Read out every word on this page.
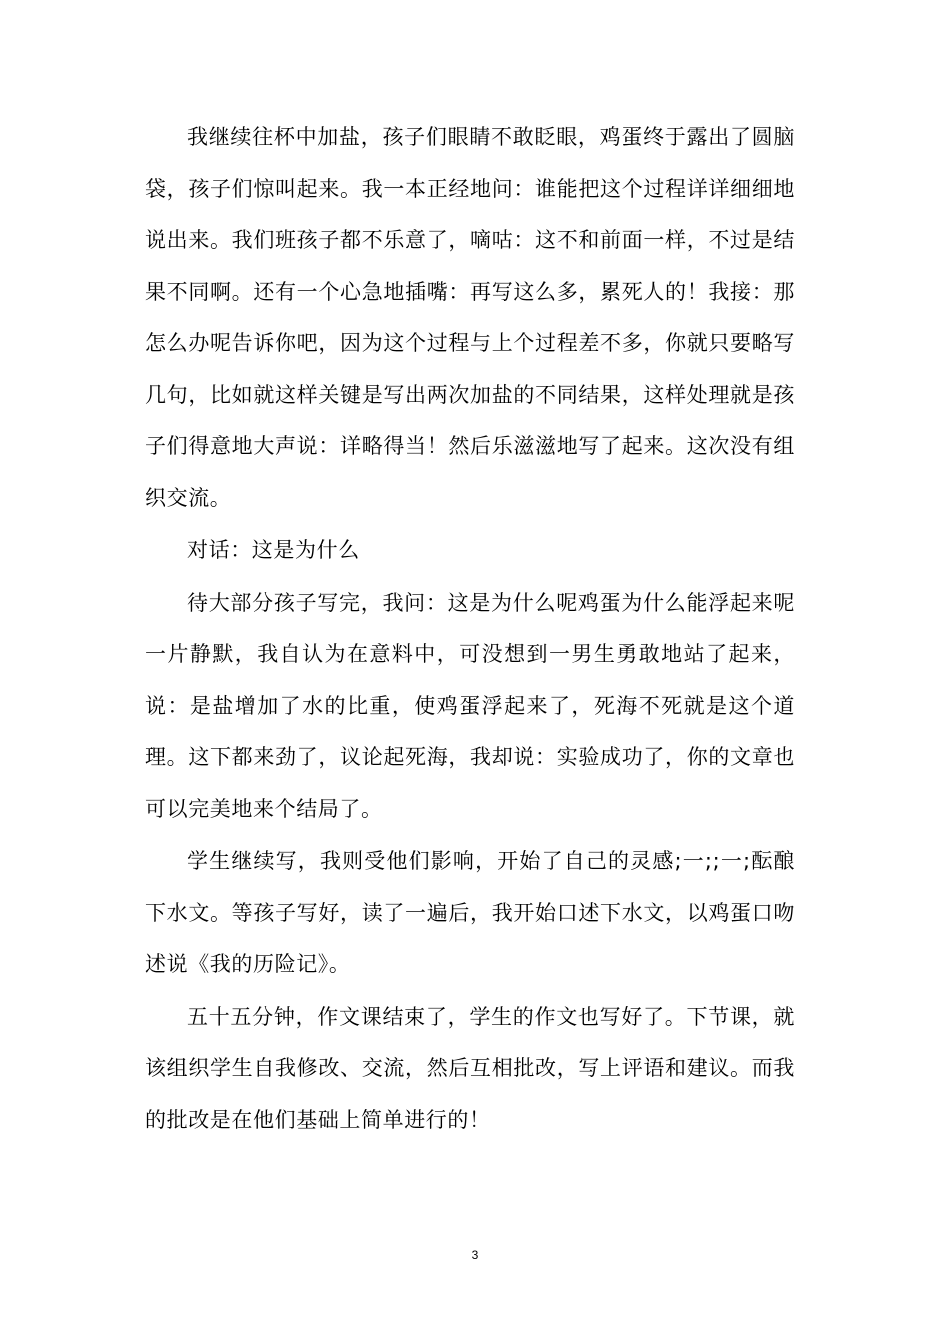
我继续往杯中加盐，孩子们眼睛不敢眨眼，鸡蛋终于露出了圆脑袋，孩子们惊叫起来。我一本正经地问：谁能把这个过程详详细细地说出来。我们班孩子都不乐意了，嘀咕：这不和前面一样，不过是结果不同啊。还有一个心急地插嘴：再写这么多，累死人的！我接：那怎么办呢告诉你吧，因为这个过程与上个过程差不多，你就只要略写几句，比如就这样关键是写出两次加盐的不同结果，这样处理就是孩子们得意地大声说：详略得当！然后乐滋滋地写了起来。这次没有组织交流。

对话：这是为什么

待大部分孩子写完，我问：这是为什么呢鸡蛋为什么能浮起来呢一片静默，我自认为在意料中，可没想到一男生勇敢地站了起来，说：是盐增加了水的比重，使鸡蛋浮起来了，死海不死就是这个道理。这下都来劲了，议论起死海，我却说：实验成功了，你的文章也可以完美地来个结局了。

学生继续写，我则受他们影响，开始了自己的灵感;一;;一;酝酿下水文。等孩子写好，读了一遍后，我开始口述下水文，以鸡蛋口吻述说《我的历险记》。

五十五分钟，作文课结束了，学生的作文也写好了。下节课，就该组织学生自我修改、交流，然后互相批改，写上评语和建议。而我的批改是在他们基础上简单进行的！

3
